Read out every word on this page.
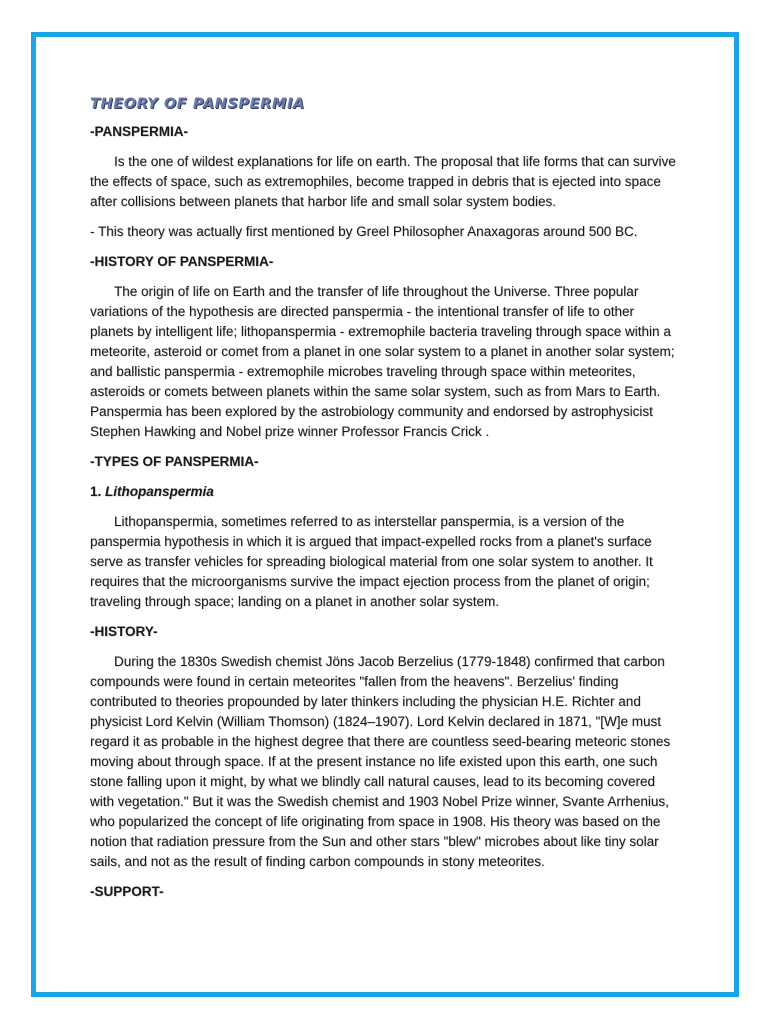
THEORY OF PANSPERMIA
-PANSPERMIA-

Is the one of wildest explanations for life on earth. The proposal that life forms that can survive the effects of space, such as extremophiles, become trapped in debris that is ejected into space after collisions between planets that harbor life and small solar system bodies.

- This theory was actually first mentioned by Greel Philosopher Anaxagoras around 500 BC.

-HISTORY OF PANSPERMIA-

The origin of life on Earth and the transfer of life throughout the Universe. Three popular variations of the hypothesis are directed panspermia - the intentional transfer of life to other planets by intelligent life; lithopanspermia - extremophile bacteria traveling through space within a meteorite, asteroid or comet from a planet in one solar system to a planet in another solar system; and ballistic panspermia - extremophile microbes traveling through space within meteorites, asteroids or comets between planets within the same solar system, such as from Mars to Earth. Panspermia has been explored by the astrobiology community and endorsed by astrophysicist Stephen Hawking and Nobel prize winner Professor Francis Crick .

-TYPES OF PANSPERMIA-
1. Lithopanspermia

Lithopanspermia, sometimes referred to as interstellar panspermia, is a version of the panspermia hypothesis in which it is argued that impact-expelled rocks from a planet's surface serve as transfer vehicles for spreading biological material from one solar system to another. It requires that the microorganisms survive the impact ejection process from the planet of origin; traveling through space; landing on a planet in another solar system.

-HISTORY-

During the 1830s Swedish chemist Jöns Jacob Berzelius (1779-1848) confirmed that carbon compounds were found in certain meteorites "fallen from the heavens". Berzelius' finding contributed to theories propounded by later thinkers including the physician H.E. Richter and physicist Lord Kelvin (William Thomson) (1824–1907). Lord Kelvin declared in 1871, "[W]e must regard it as probable in the highest degree that there are countless seed-bearing meteoric stones moving about through space. If at the present instance no life existed upon this earth, one such stone falling upon it might, by what we blindly call natural causes, lead to its becoming covered with vegetation." But it was the Swedish chemist and 1903 Nobel Prize winner, Svante Arrhenius, who popularized the concept of life originating from space in 1908. His theory was based on the notion that radiation pressure from the Sun and other stars "blew" microbes about like tiny solar sails, and not as the result of finding carbon compounds in stony meteorites.

-SUPPORT-
